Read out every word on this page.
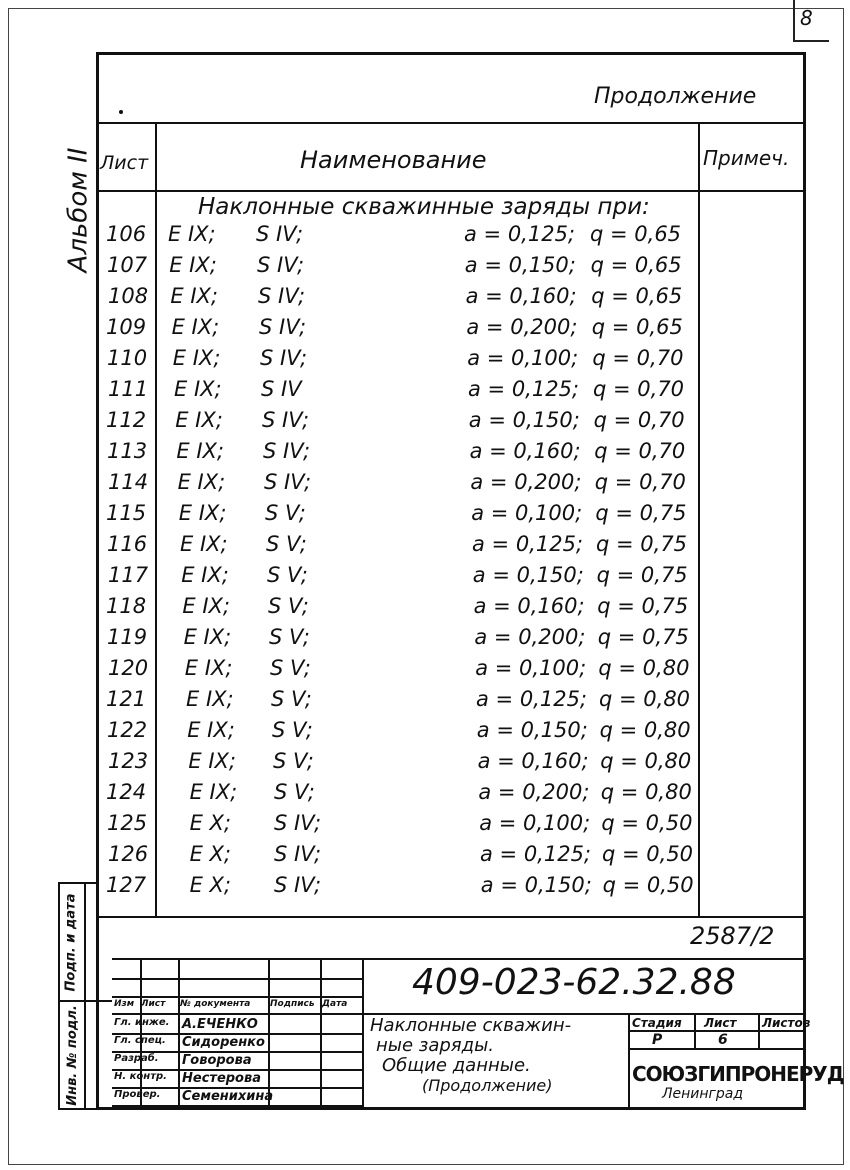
8
Продолжение
Альбом II Лист	Наименование	Примеч.
Наклонные скважинные заряды при:
106 E IX; S IV;	a = 0,125; q = 0,65
107 E IX; S IV;	a = 0,150; q = 0,65
108 E IX; S IV;	a = 0,160; q = 0,65
109 E IX; S IV;	a = 0,200; q = 0,65
110 E IX; S IV;	a = 0,100; q = 0,70
111 E IX; S IV	a = 0,125; q = 0,70
112 E IX; S IV;	a = 0,150; q = 0,70
113 E IX; S IV;	a = 0,160; q = 0,70
114 E IX; S IV;	a = 0,200; q = 0,70
115 E IX; S V;	a = 0,100; q = 0,75
116 E IX; S V;	a = 0,125; q = 0,75
117 E IX; S V;	a = 0,150; q = 0,75
118 E IX; S V;	a = 0,160; q = 0,75
119 E IX; S V;	a = 0,200; q = 0,75
120 E IX; S V;	a = 0,100; q = 0,80
121 E IX; S V;	a = 0,125; q = 0,80
122 E IX; S V;	a = 0,150; q = 0,80
123 E IX; S V;	a = 0,160; q = 0,80
124 E IX; S V;	a = 0,200; q = 0,80
125 E X; S IV;	a = 0,100; q = 0,50
126 E X; S IV;	a = 0,125; q = 0,50
127 E X; S IV;	a = 0,150; q = 0,50
2587/2
409-023-62.32.88
Изм Лист № документа Подпись Дата
Гл. инже. А.ЕЧЕНКО
Гл. спец. Сидоренко
Разраб. Говорова
Н. контр. Нестерова
Провер. Семенихина
Наклонные скважин-
ные заряды.
Общие данные.
(Продолжение)
Стадия Лист Листов
Р	6
СОЮЗГИПРОНЕРУД
Ленинград
Инв. № подл.
Подп. и дата
